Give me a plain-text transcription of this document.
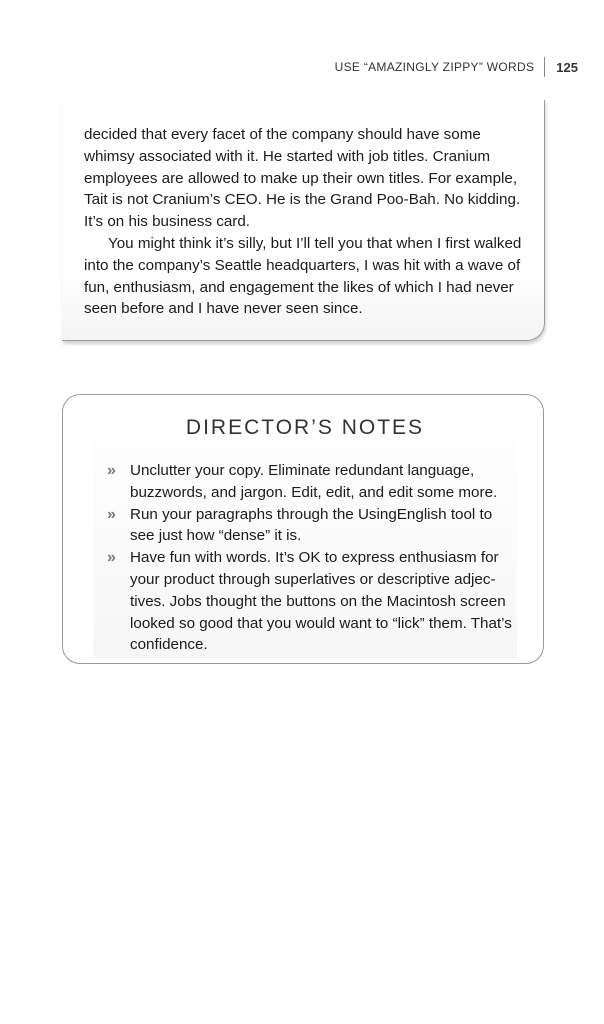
USE “AMAZINGLY ZIPPY” WORDS 125

decided that every facet of the company should have some whimsy associated with it. He started with job titles. Cranium employees are allowed to make up their own titles. For example, Tait is not Cranium’s CEO. He is the Grand Poo-Bah. No kidding. It’s on his business card.

You might think it’s silly, but I’ll tell you that when I first walked into the company’s Seattle headquarters, I was hit with a wave of fun, enthusiasm, and engagement the likes of which I had never seen before and I have never seen since.

DIRECTOR’S NOTES
» Unclutter your copy. Eliminate redundant language, buzzwords, and jargon. Edit, edit, and edit some more.
» Run your paragraphs through the UsingEnglish tool to see just how “dense” it is.
» Have fun with words. It’s OK to express enthusiasm for your product through superlatives or descriptive adjectives. Jobs thought the buttons on the Macintosh screen looked so good that you would want to “lick” them. That’s confidence.
